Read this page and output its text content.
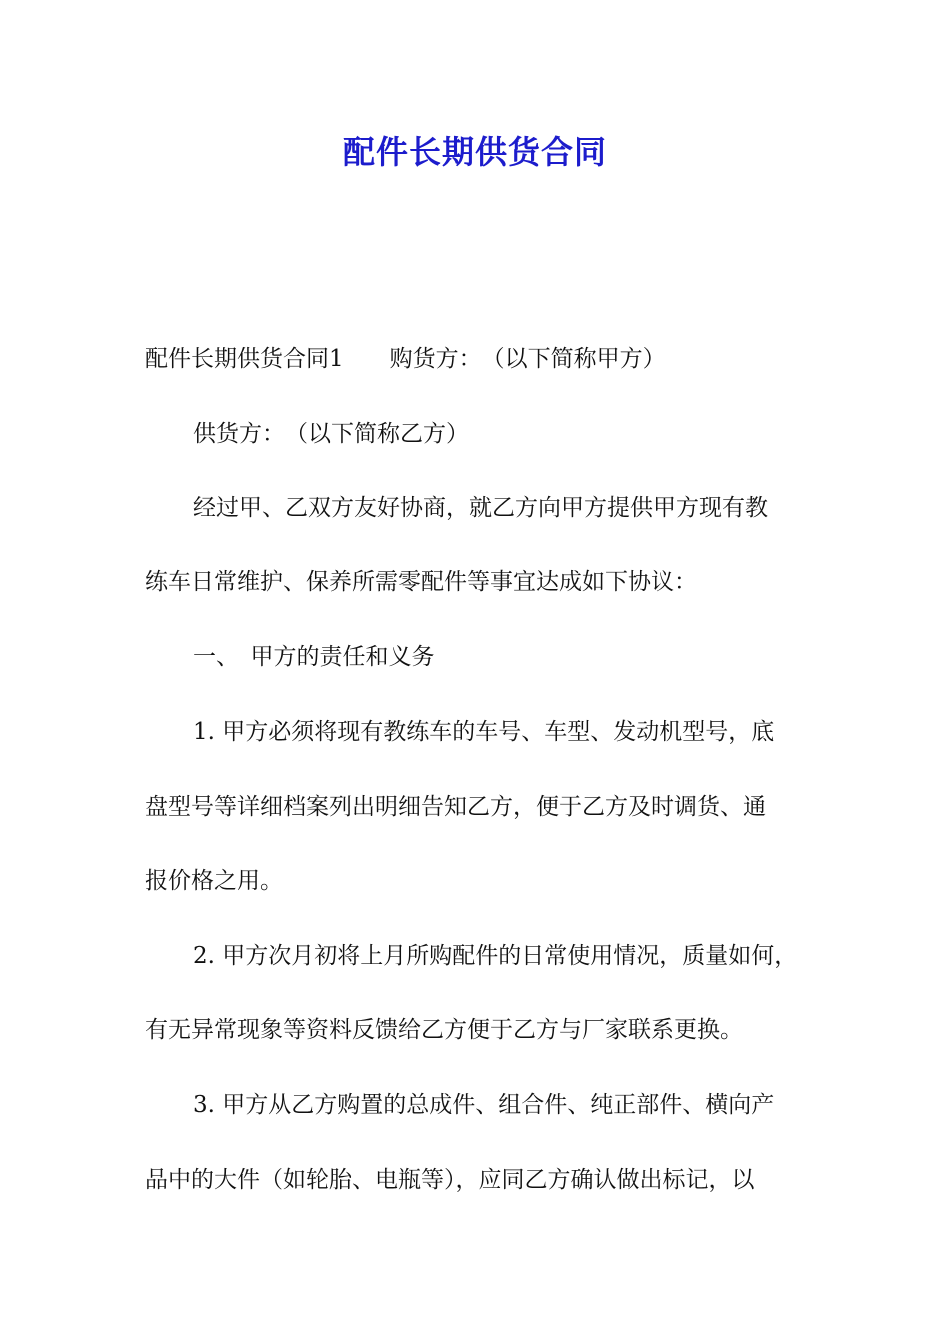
配件长期供货合同
配件长期供货合同1　　购货方：　（以下简称甲方）
供货方：　（以下简称乙方）
经过甲、乙双方友好协商，就乙方向甲方提供甲方现有教
练车日常维护、保养所需零配件等事宜达成如下协议：
一、　甲方的责任和义务
1. 甲方必须将现有教练车的车号、车型、发动机型号，底
盘型号等详细档案列出明细告知乙方，便于乙方及时调货、通
报价格之用。
2. 甲方次月初将上月所购配件的日常使用情况，质量如何，
有无异常现象等资料反馈给乙方便于乙方与厂家联系更换。
3. 甲方从乙方购置的总成件、组合件、纯正部件、横向产
品中的大件（如轮胎、电瓶等），应同乙方确认做出标记，以
